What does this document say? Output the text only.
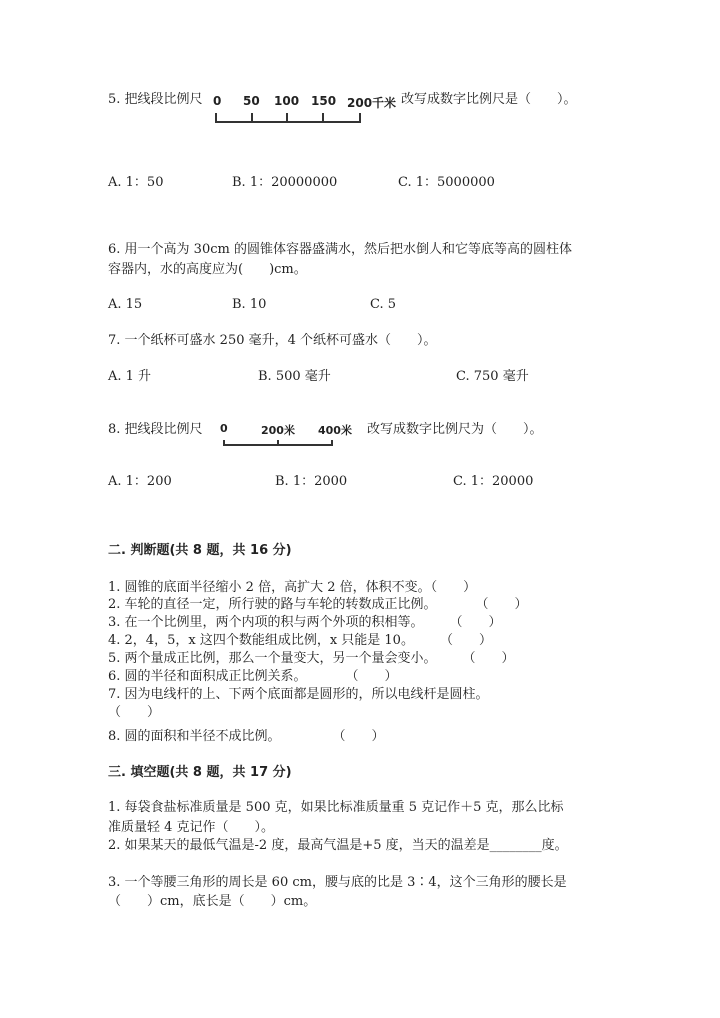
5. 把线段比例尺 0 50 100 150 200千米 改写成数字比例尺是（　　）。
A. 1：50	B. 1：20000000	C. 1：5000000
6. 用一个高为 30cm 的圆锥体容器盛满水，然后把水倒人和它等底等高的圆柱体
容器内，水的高度应为(　　)cm。
A. 15	B. 10	C. 5
7. 一个纸杯可盛水 250 毫升，4 个纸杯可盛水（　　）。
A. 1 升	B. 500 毫升	C. 750 毫升
8. 把线段比例尺 0	200米 400米 改写成数字比例尺为（　　）。
A. 1：200	B. 1：2000	C. 1：20000
二. 判断题(共 8 题，共 16 分)
1. 圆锥的底面半径缩小 2 倍，高扩大 2 倍，体积不变。（　　）
2. 车轮的直径一定，所行驶的路与车轮的转数成正比例。　　　　（　　）
3. 在一个比例里，两个内项的积与两个外项的积相等。　　　（　　）
4. 2，4，5，x 这四个数能组成比例，x 只能是 10。　　　（　　）
5. 两个量成正比例，那么一个量变大，另一个量会变小。　　　（　　）
6. 圆的半径和面积成正比例关系。　　　　（　　）
7. 因为电线杆的上、下两个底面都是圆形的，所以电线杆是圆柱。
（　　）
8. 圆的面积和半径不成比例。　　　　　（　　）
三. 填空题(共 8 题，共 17 分)
1. 每袋食盐标准质量是 500 克，如果比标准质量重 5 克记作＋5 克，那么比标
准质量轻 4 克记作（　　）。
2. 如果某天的最低气温是-2 度，最高气温是+5 度，当天的温差是________度。
3. 一个等腰三角形的周长是 60 cm，腰与底的比是 3∶4，这个三角形的腰长是
（　　）cm，底长是（　　）cm。
